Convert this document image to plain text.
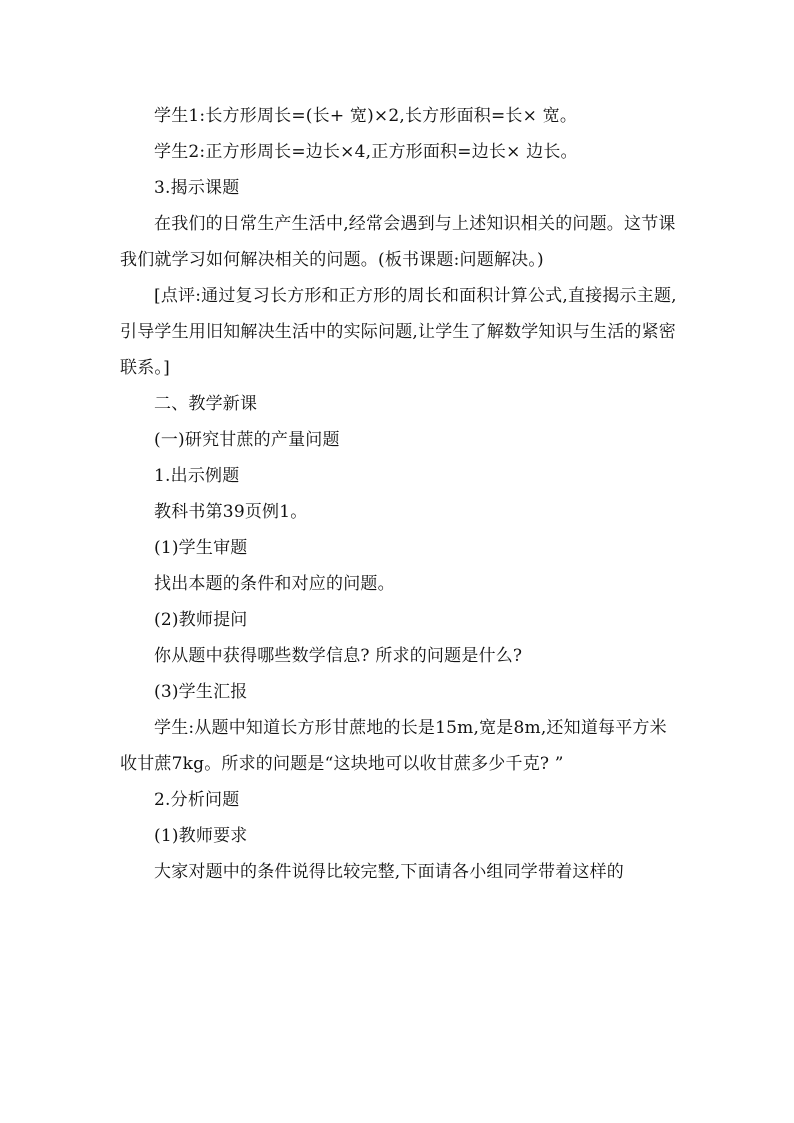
学生1:长方形周长=(长+ 宽)×2,长方形面积=长× 宽。

学生2:正方形周长=边长×4,正方形面积=边长× 边长。

3.揭示课题

在我们的日常生产生活中,经常会遇到与上述知识相关的问题。这节课我们就学习如何解决相关的问题。(板书课题:问题解决。)

[点评:通过复习长方形和正方形的周长和面积计算公式,直接揭示主题,引导学生用旧知解决生活中的实际问题,让学生了解数学知识与生活的紧密联系。]

二、教学新课

(一)研究甘蔗的产量问题

1.出示例题

教科书第39页例1。

(1)学生审题

找出本题的条件和对应的问题。

(2)教师提问

你从题中获得哪些数学信息? 所求的问题是什么?

(3)学生汇报

学生:从题中知道长方形甘蔗地的长是15m,宽是8m,还知道每平方米收甘蔗7kg。所求的问题是“这块地可以收甘蔗多少千克? ”

2.分析问题

(1)教师要求

大家对题中的条件说得比较完整,下面请各小组同学带着这样的
